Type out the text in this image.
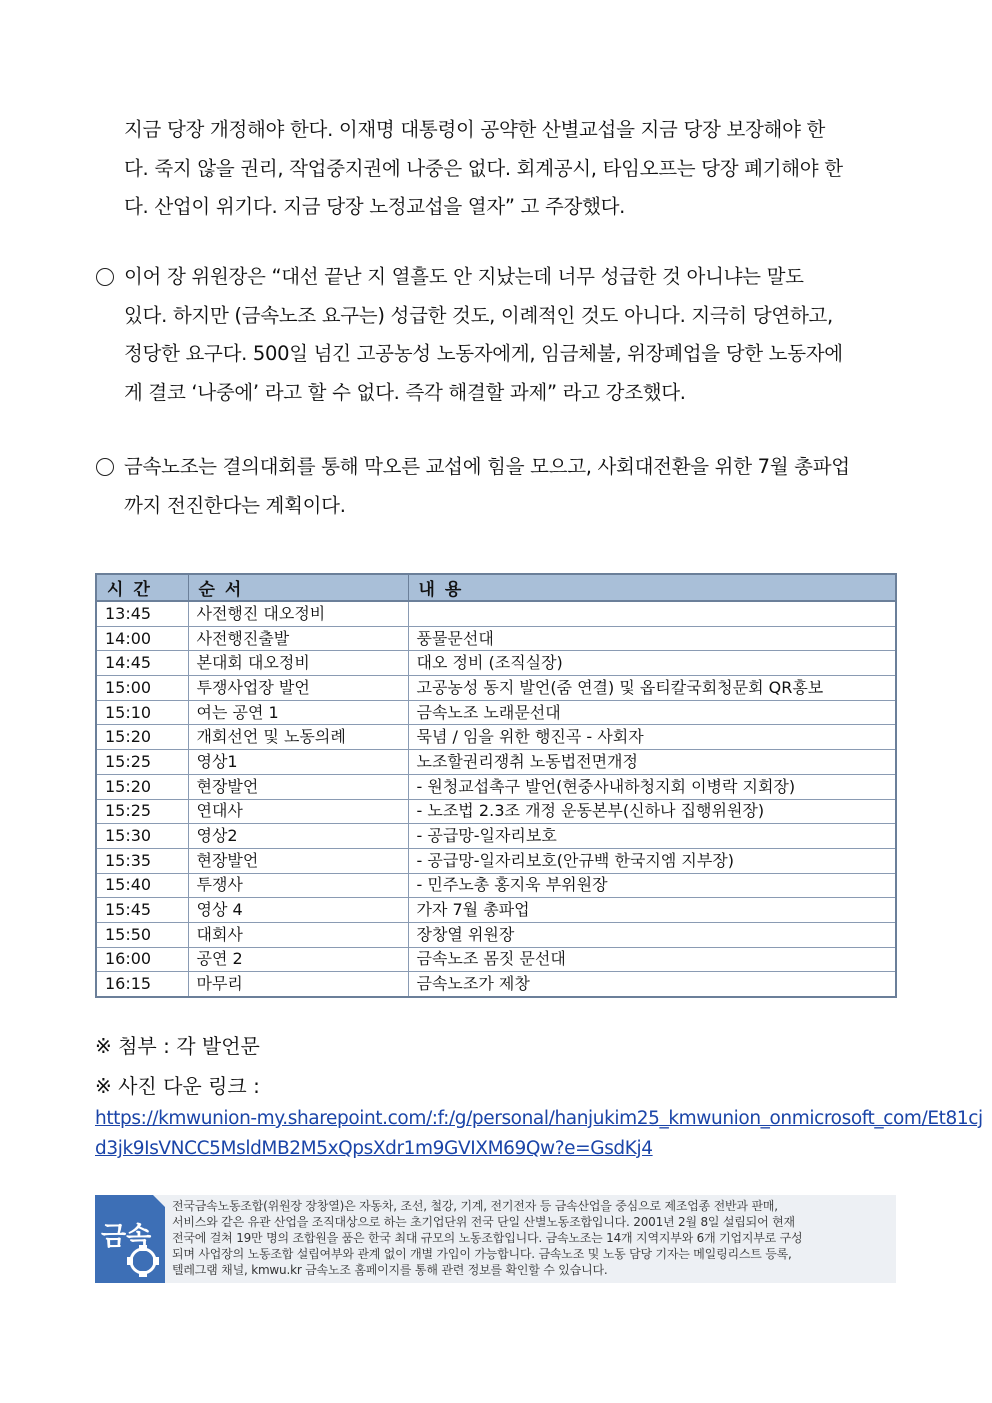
지금 당장 개정해야 한다. 이재명 대통령이 공약한 산별교섭을 지금 당장 보장해야 한
다. 죽지 않을 권리, 작업중지권에 나중은 없다. 회계공시, 타임오프는 당장 폐기해야 한
다. 산업이 위기다. 지금 당장 노정교섭을 열자” 고 주장했다.
이어 장 위원장은 “대선 끝난 지 열흘도 안 지났는데 너무 성급한 것 아니냐는 말도
있다. 하지만 (금속노조 요구는) 성급한 것도, 이례적인 것도 아니다. 지극히 당연하고,
정당한 요구다. 500일 넘긴 고공농성 노동자에게, 임금체불, 위장폐업을 당한 노동자에
게 결코 ‘나중에’ 라고 할 수 없다. 즉각 해결할 과제” 라고 강조했다.
금속노조는 결의대회를 통해 막오른 교섭에 힘을 모으고, 사회대전환을 위한 7월 총파업
까지 전진한다는 계획이다.
시 간	순 서	내 용
13:45	사전행진 대오정비	
14:00	사전행진출발	풍물문선대
14:45	본대회 대오정비	대오 정비 (조직실장)
15:00	투쟁사업장 발언	고공농성 동지 발언(줌 연결) 및 옵티칼국회청문회 QR홍보
15:10	여는 공연 1	금속노조 노래문선대
15:20	개회선언 및 노동의례	묵념 / 임을 위한 행진곡 - 사회자
15:25	영상1	노조할권리쟁취 노동법전면개정
15:20	현장발언	- 원청교섭촉구 발언(현중사내하청지회 이병락 지회장)
15:25	연대사	- 노조법 2․3조 개정 운동본부(신하나 집행위원장)
15:30	영상2	- 공급망-일자리보호
15:35	현장발언	- 공급망-일자리보호(안규백 한국지엠 지부장)
15:40	투쟁사	- 민주노총 홍지욱 부위원장
15:45	영상 4	가자 7월 총파업
15:50	대회사	장창열 위원장
16:00	공연 2	금속노조 몸짓 문선대
16:15	마무리	금속노조가 제창
※ 첨부 : 각 발언문
※ 사진 다운 링크 :
https://kmwunion-my.sharepoint.com/:f:/g/personal/hanjukim25_kmwunion_onmicrosoft_com/Et81cj
d3jk9IsVNCC5MsldMB2M5xQpsXdr1m9GVIXM69Qw?e=GsdKj4
금속
전국금속노동조합(위원장 장창열)은 자동차, 조선, 철강, 기계, 전기전자 등 금속산업을 중심으로 제조업종 전반과 판매,
서비스와 같은 유관 산업을 조직대상으로 하는 초기업단위 전국 단일 산별노동조합입니다. 2001년 2월 8일 설립되어 현재
전국에 걸쳐 19만 명의 조합원을 품은 한국 최대 규모의 노동조합입니다. 금속노조는 14개 지역지부와 6개 기업지부로 구성
되며 사업장의 노동조합 설립여부와 관계 없이 개별 가입이 가능합니다. 금속노조 및 노동 담당 기자는 메일링리스트 등록,
텔레그램 채널, kmwu.kr 금속노조 홈페이지를 통해 관련 정보를 확인할 수 있습니다.
